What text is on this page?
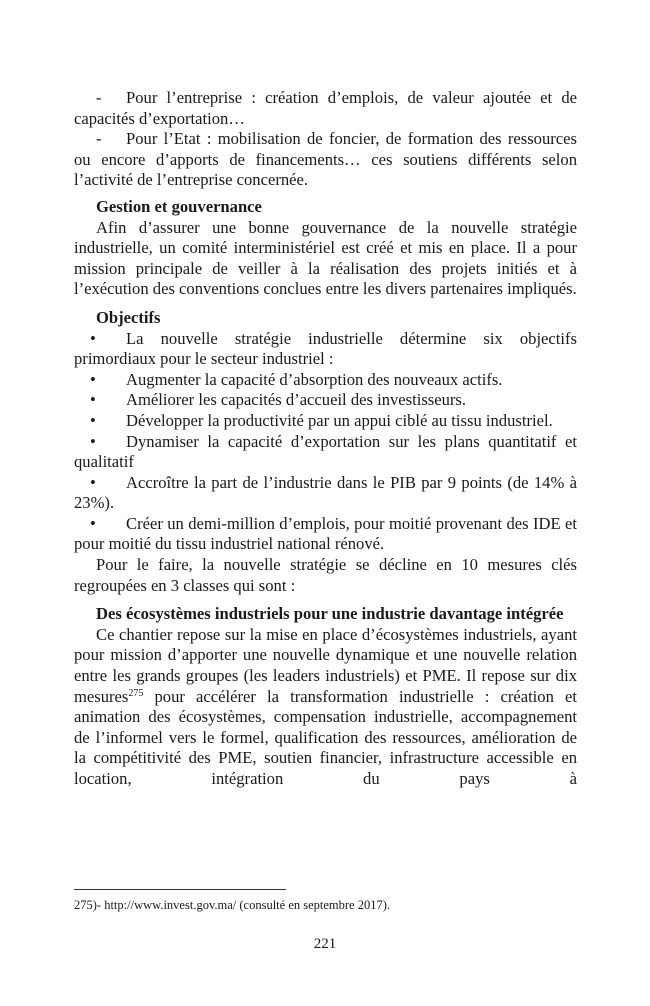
- Pour l’entreprise : création d’emplois, de valeur ajoutée et de capacités d’exportation…

- Pour l’Etat : mobilisation de foncier, de formation des ressources ou encore d’apports de financements… ces soutiens différents selon l’activité de l’entreprise concernée.

Gestion et gouvernance

Afin d’assurer une bonne gouvernance de la nouvelle stratégie industrielle, un comité interministériel est créé et mis en place. Il a pour mission principale de veiller à la réalisation des projets initiés et à l’exécution des conventions conclues entre les divers partenaires impliqués.

Objectifs

• La nouvelle stratégie industrielle détermine six objectifs primordiaux pour le secteur industriel :

• Augmenter la capacité d’absorption des nouveaux actifs.

• Améliorer les capacités d’accueil des investisseurs.

• Développer la productivité par un appui ciblé au tissu industriel.

• Dynamiser la capacité d’exportation sur les plans quantitatif et qualitatif

• Accroître la part de l’industrie dans le PIB par 9 points (de 14% à 23%).

• Créer un demi-million d’emplois, pour moitié provenant des IDE et pour moitié du tissu industriel national rénové.

Pour le faire, la nouvelle stratégie se décline en 10 mesures clés regroupées en 3 classes qui sont :

Des écosystèmes industriels pour une industrie davantage intégrée

Ce chantier repose sur la mise en place d’écosystèmes industriels, ayant pour mission d’apporter une nouvelle dynamique et une nouvelle relation entre les grands groupes (les leaders industriels) et PME. Il repose sur dix mesures$^{275}$ pour accélérer la transformation industrielle : création et animation des écosystèmes, compensation industrielle, accompagnement de l’informel vers le formel, qualification des ressources, amélioration de la compétitivité des PME, soutien financier, infrastructure accessible en location, intégration du pays à

275)- http://www.invest.gov.ma/ (consulté en septembre 2017).

221
